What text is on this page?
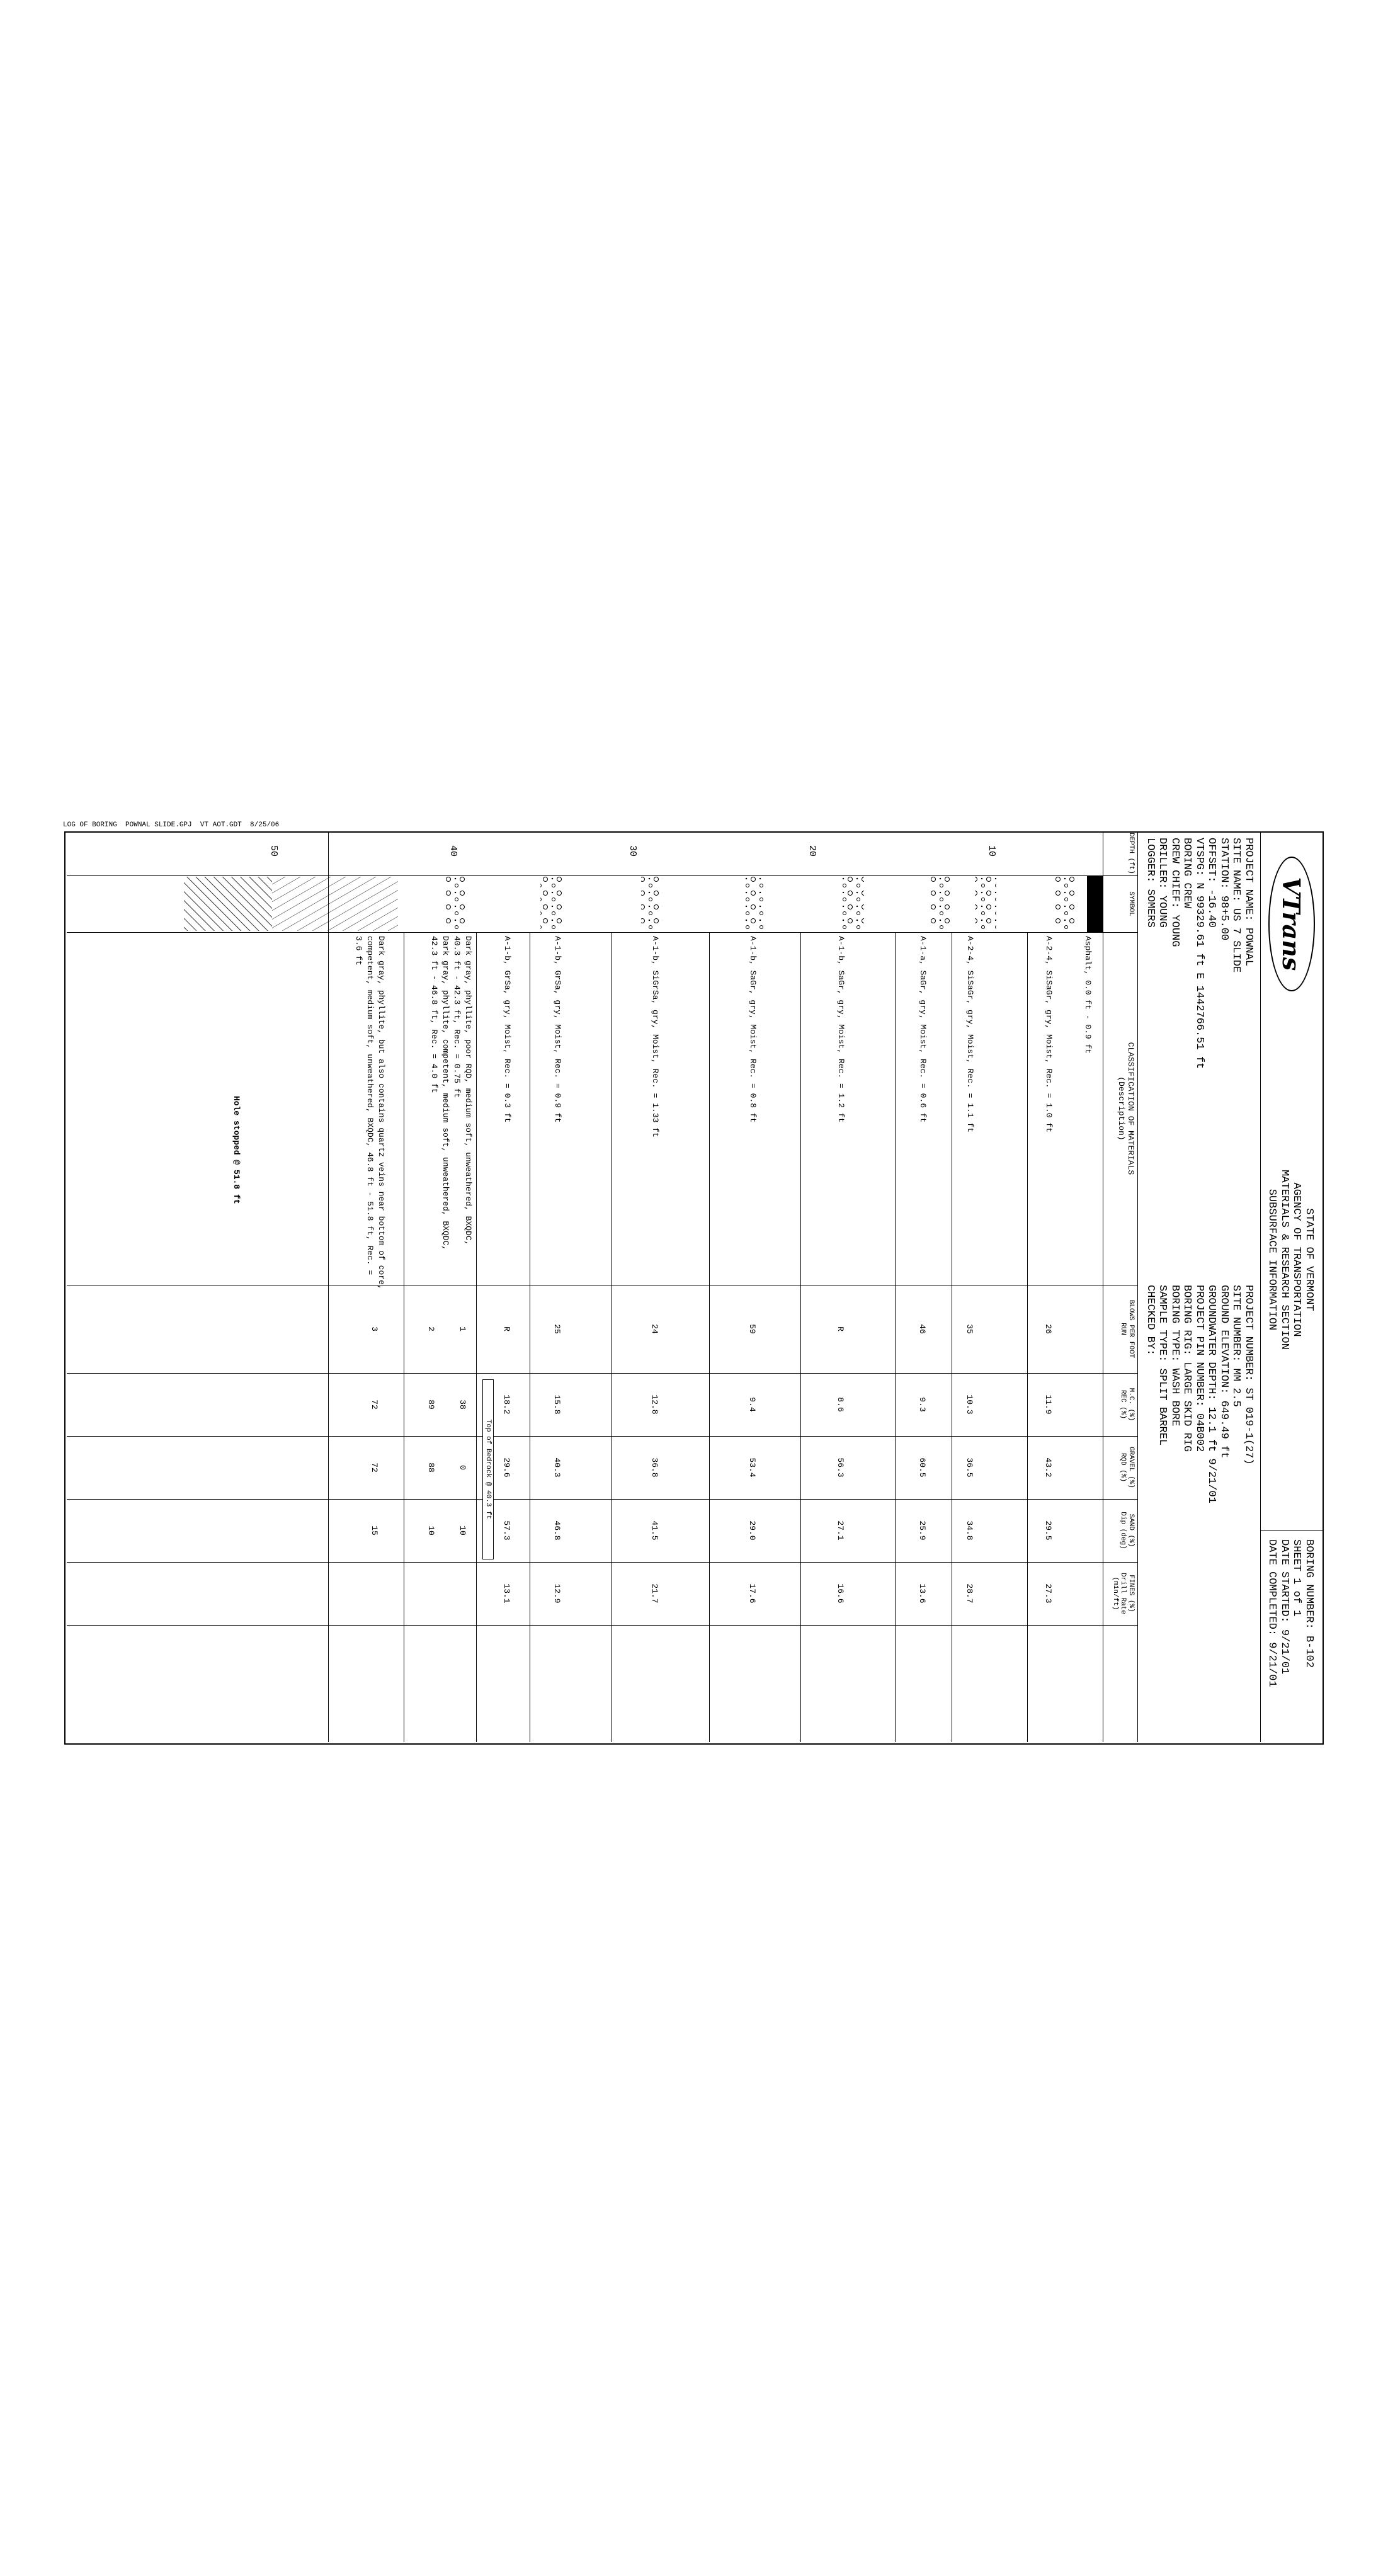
VTrans
STATE OF VERMONT
AGENCY OF TRANSPORTATION
MATERIALS & RESEARCH SECTION
SUBSURFACE INFORMATION
BORING NUMBER: B-102
SHEET 1 of 1
DATE STARTED: 9/21/01
DATE COMPLETED: 9/21/01
PROJECT NAME: POWNAL
SITE NAME: US 7 SLIDE
STATION: 98+5.00
OFFSET: -16.40
VTSPG: N 99329.61 ft E 1442766.51 ft
BORING CREW
CREW CHIEF: YOUNG
DRILLER: YOUNG
LOGGER: SOMERS
PROJECT NUMBER: ST 019-1(27)
SITE NUMBER: MM 2.5
GROUND ELEVATION: 649.49 ft
GROUNDWATER DEPTH: 12.1 ft 9/21/01
PROJECT PIN NUMBER: 04B002
BORING RIG: LARGE SKID RIG
BORING TYPE: WASH BORE
SAMPLE TYPE: SPLIT BARREL
CHECKED BY:
DEPTH (ft)
SYMBOL
CLASSIFICATION OF MATERIALS
(Description)
BLOWS PER FOOT
RUN
M.C. (%)
REC (%)
GRAVEL (%)
RQD (%)
SAND (%)
Dip (deg)
FINES (%)
Drill Rate (min/ft)
10
20
30
40
50
Asphalt, 0.0 ft - 0.9 ft
A-2-4, SiSaGr, gry, Moist, Rec. = 1.0 ft
26
11.9
43.2
29.5
27.3
A-2-4, SiSaGr, gry, Moist, Rec. = 1.1 ft
35
10.3
36.5
34.8
28.7
A-1-a, SaGr, gry, Moist, Rec. = 0.6 ft
46
9.3
60.5
25.9
13.6
A-1-b, SaGr, gry, Moist, Rec. = 1.2 ft
R
8.6
56.3
27.1
16.6
A-1-b, SaGr, gry, Moist, Rec. = 0.8 ft
59
9.4
53.4
29.0
17.6
A-1-b, SiGrSa, gry, Moist, Rec. = 1.33 ft
24
12.8
36.8
41.5
21.7
A-1-b, GrSa, gry, Moist, Rec. = 0.9 ft
25
15.8
40.3
46.8
12.9
A-1-b, GrSa, gry, Moist, Rec. = 0.3 ft
R
18.2
29.6
57.3
13.1
Top of Bedrock @ 40.3 ft
Dark gray, phyllite, poor RQD, medium soft, unweathered, BXQDC,
40.3 ft - 42.3 ft, Rec. = 0.75 ft
Dark gray, phyllite, competent, medium soft, unweathered, BXQDC,
42.3 ft - 46.8 ft, Rec. = 4.0 ft
1
38
0
10
2
89
88
10
Dark gray, phyllite, but also contains quartz veins near bottom of core,
competent, medium soft, unweathered, BXQDC, 46.8 ft - 51.8 ft, Rec. =
3.6 ft
3
72
72
15
Hole stopped @ 51.8 ft
LOG OF BORING  POWNAL SLIDE.GPJ  VT AOT.GDT  8/25/06
